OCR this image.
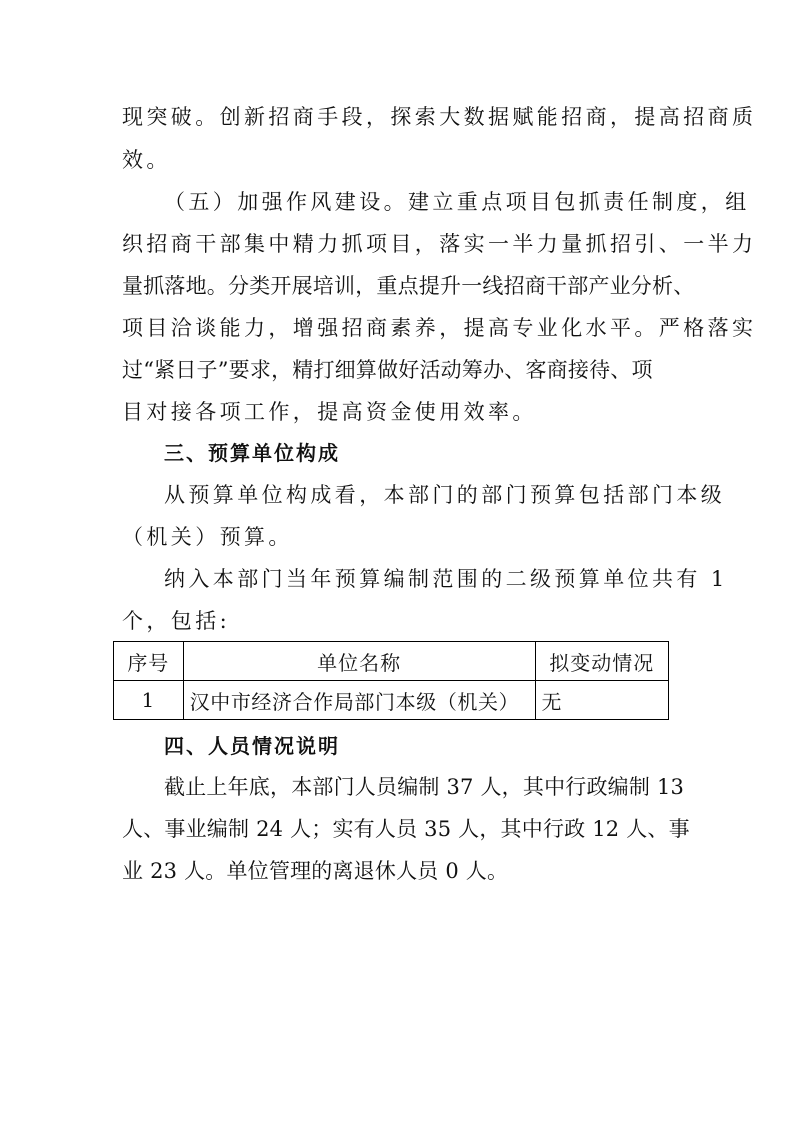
现突破。创新招商手段，探索大数据赋能招商，提高招商质
效。
（五）加强作风建设。建立重点项目包抓责任制度，组
织招商干部集中精力抓项目，落实一半力量抓招引、一半力
量抓落地。分类开展培训，重点提升一线招商干部产业分析、
项目洽谈能力，增强招商素养，提高专业化水平。严格落实
过“紧日子”要求，精打细算做好活动筹办、客商接待、项
目对接各项工作，提高资金使用效率。
三、预算单位构成
从预算单位构成看，本部门的部门预算包括部门本级
（机关）预算。
纳入本部门当年预算编制范围的二级预算单位共有 1
个，包括:
序号	单位名称	拟变动情况
1	汉中市经济合作局部门本级（机关）	无
四、人员情况说明
截止上年底，本部门人员编制 37 人，其中行政编制 13
人、事业编制 24 人；实有人员 35 人，其中行政 12 人、事
业 23 人。单位管理的离退休人员 0 人。
